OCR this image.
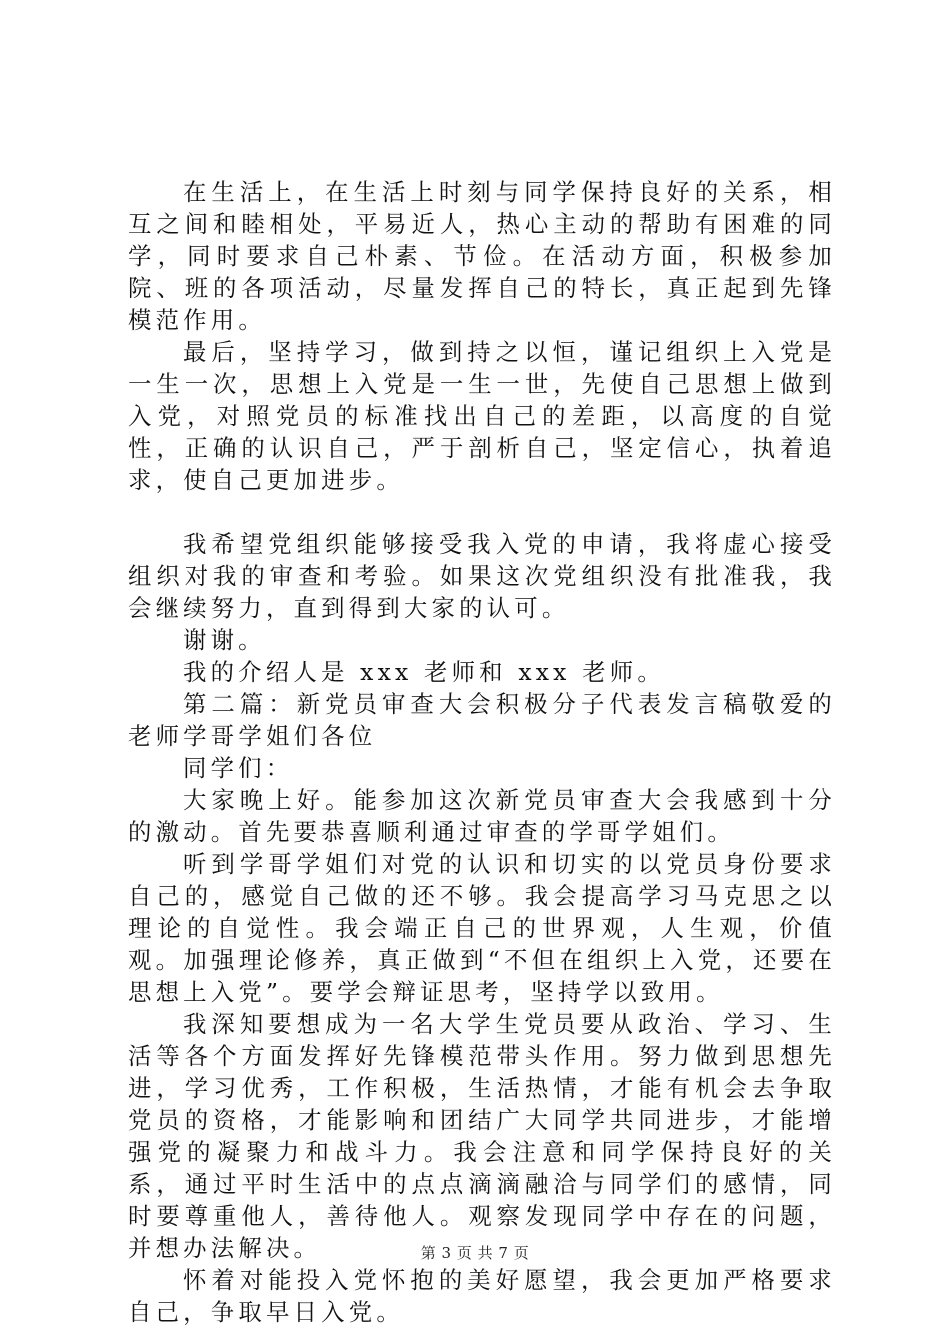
在生活上，在生活上时刻与同学保持良好的关系，相互之间和睦相处，平易近人，热心主动的帮助有困难的同学，同时要求自己朴素、节俭。在活动方面，积极参加院、班的各项活动，尽量发挥自己的特长，真正起到先锋模范作用。

最后，坚持学习，做到持之以恒，谨记组织上入党是一生一次，思想上入党是一生一世，先使自己思想上做到入党，对照党员的标准找出自己的差距，以高度的自觉性，正确的认识自己，严于剖析自己，坚定信心，执着追求，使自己更加进步。

我希望党组织能够接受我入党的申请，我将虚心接受组织对我的审查和考验。如果这次党组织没有批准我，我会继续努力，直到得到大家的认可。

谢谢。

我的介绍人是 xxx 老师和 xxx 老师。

第二篇：新党员审查大会积极分子代表发言稿敬爱的老师学哥学姐们各位

同学们：

大家晚上好。能参加这次新党员审查大会我感到十分的激动。首先要恭喜顺利通过审查的学哥学姐们。

听到学哥学姐们对党的认识和切实的以党员身份要求自己的，感觉自己做的还不够。我会提高学习马克思之以理论的自觉性。我会端正自己的世界观，人生观，价值观。加强理论修养，真正做到“不但在组织上入党，还要在思想上入党”。要学会辩证思考，坚持学以致用。

我深知要想成为一名大学生党员要从政治、学习、生活等各个方面发挥好先锋模范带头作用。努力做到思想先进，学习优秀，工作积极，生活热情，才能有机会去争取党员的资格，才能影响和团结广大同学共同进步，才能增强党的凝聚力和战斗力。我会注意和同学保持良好的关系，通过平时生活中的点点滴滴融洽与同学们的感情，同时要尊重他人，善待他人。观察发现同学中存在的问题，并想办法解决。

怀着对能投入党怀抱的美好愿望，我会更加严格要求自己，争取早日入党。

第 3 页 共 7 页
